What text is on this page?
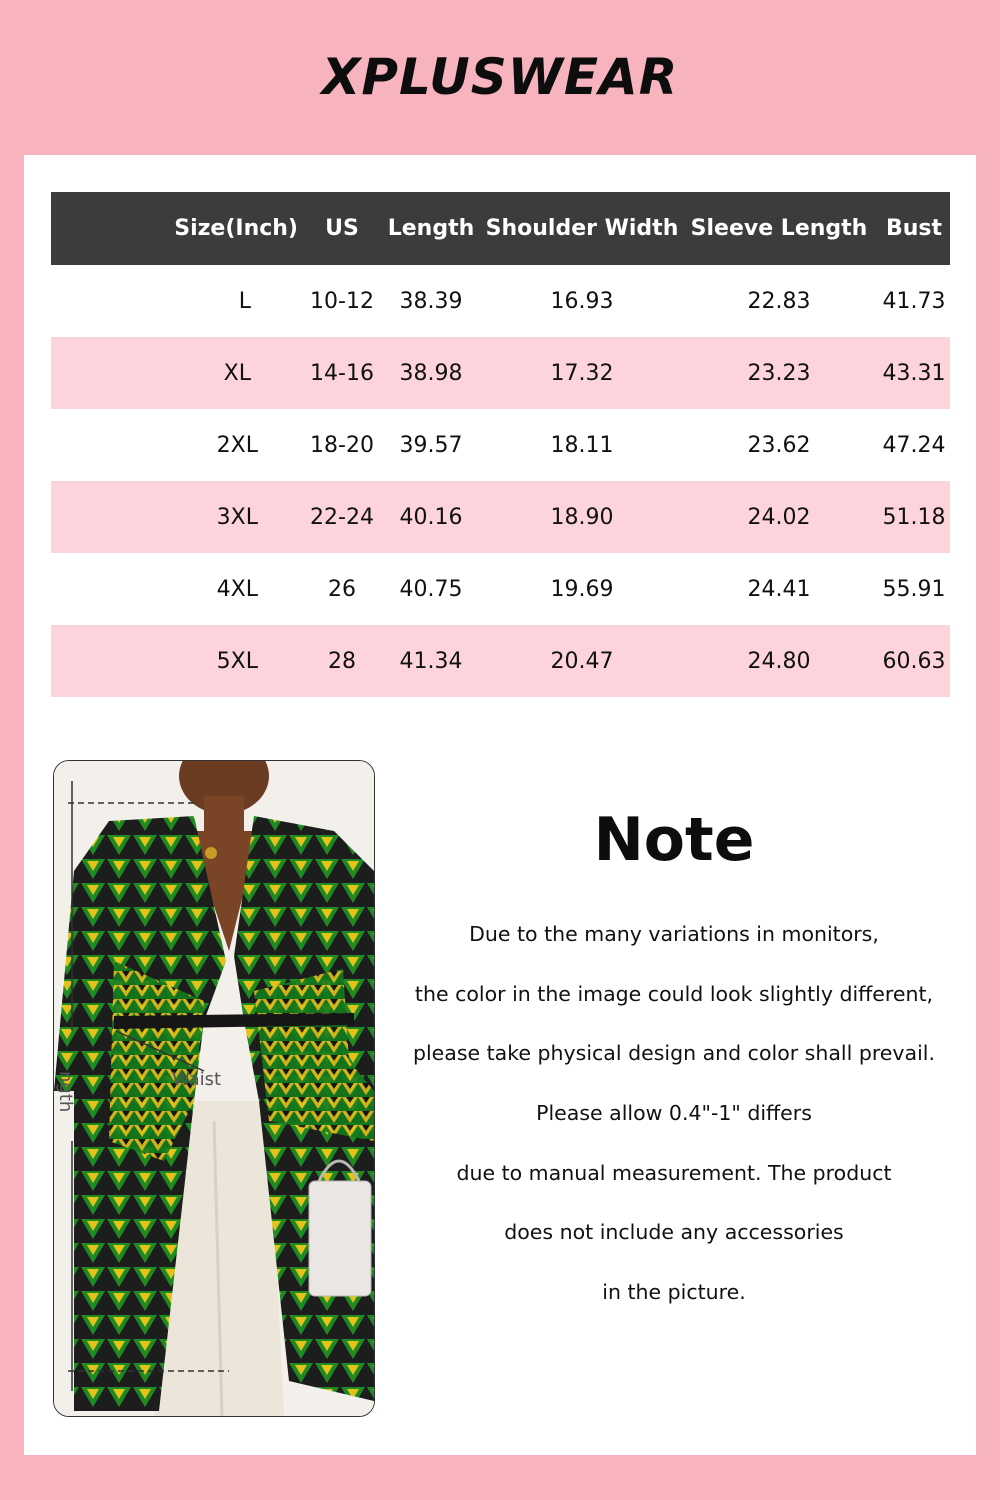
XPLUSWEAR
Size(Inch)	US	Length	Shoulder Width	Sleeve Length	Bust
L	10-12	38.39	16.93	22.83	41.73
XL	14-16	38.98	17.32	23.23	43.31
2XL	18-20	39.57	18.11	23.62	47.24
3XL	22-24	40.16	18.90	24.02	51.18
4XL	26	40.75	19.69	24.41	55.91
5XL	28	41.34	20.47	24.80	60.63
ngth	Waist
Note
Due to the many variations in monitors,
the color in the image could look slightly different,
please take physical design and color shall prevail.
Please allow 0.4"-1" differs
due to manual measurement. The product
does not include any accessories
in the picture.
